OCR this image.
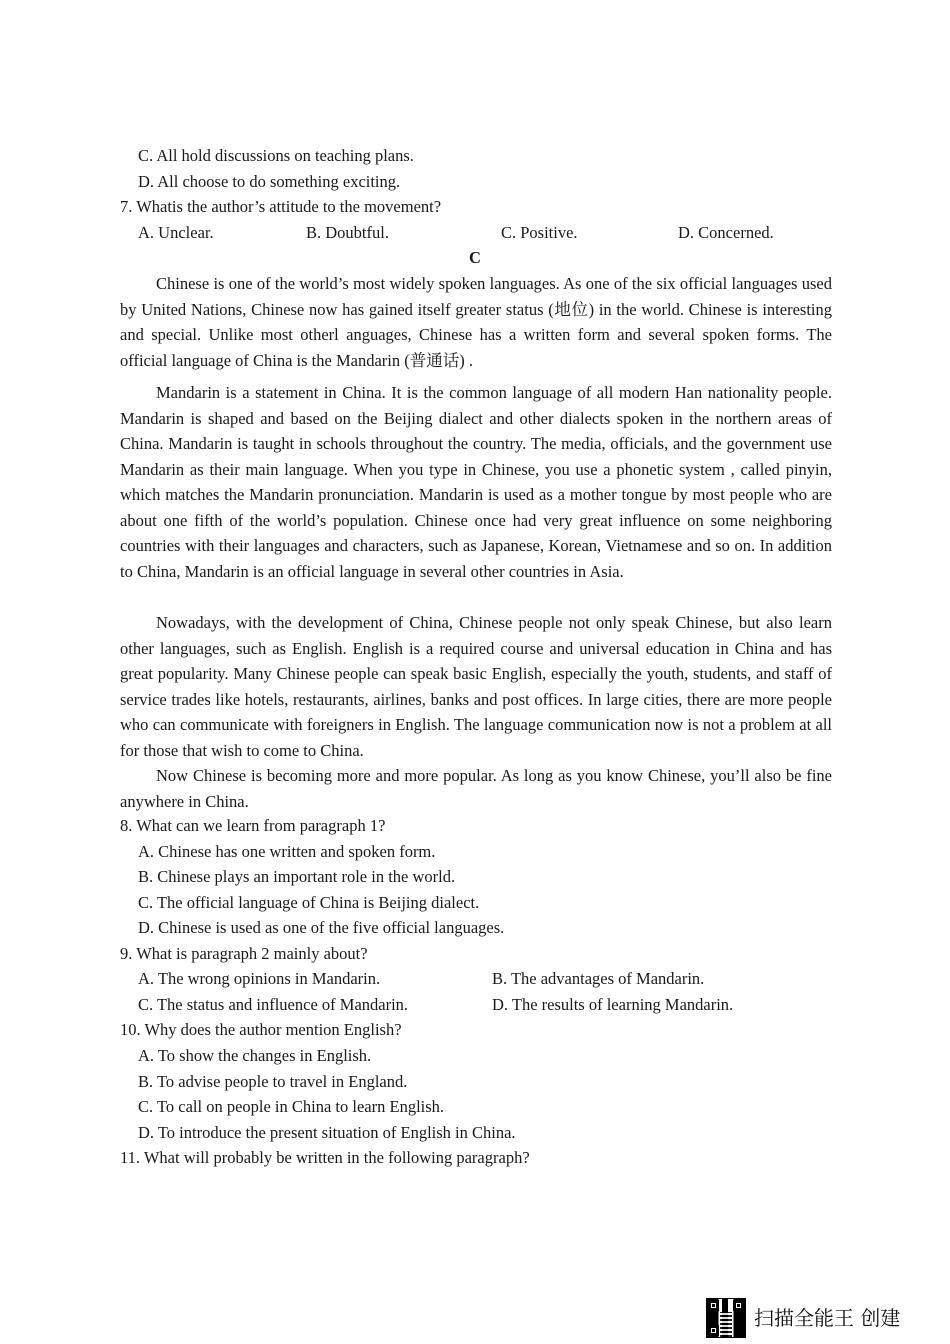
C. All hold discussions on teaching plans.
D. All choose to do something exciting.
7. Whatis the author’s attitude to the movement?
A. Unclear.	B. Doubtful.	C. Positive.	D. Concerned.
C
Chinese is one of the world’s most widely spoken languages. As one of the six official languages used by United Nations, Chinese now has gained itself greater status (地位) in the world. Chinese is interesting and special. Unlike most otherl anguages, Chinese has a written form and several spoken forms. The official language of China is the Mandarin (普通话) .
Mandarin is a statement in China. It is the common language of all modern Han nationality people. Mandarin is shaped and based on the Beijing dialect and other dialects spoken in the northern areas of China. Mandarin is taught in schools throughout the country. The media, officials, and the government use Mandarin as their main language. When you type in Chinese, you use a phonetic system , called pinyin, which matches the Mandarin pronunciation. Mandarin is used as a mother tongue by most people who are about one fifth of the world’s population. Chinese once had very great influence on some neighboring countries with their languages and characters, such as Japanese, Korean, Vietnamese and so on. In addition to China, Mandarin is an official language in several other countries in Asia.
Nowadays, with the development of China, Chinese people not only speak Chinese, but also learn other languages, such as English. English is a required course and universal education in China and has great popularity. Many Chinese people can speak basic English, especially the youth, students, and staff of service trades like hotels, restaurants, airlines, banks and post offices. In large cities, there are more people who can communicate with foreigners in English. The language communication now is not a problem at all for those that wish to come to China.
Now Chinese is becoming more and more popular. As long as you know Chinese, you’ll also be fine anywhere in China.
8. What can we learn from paragraph 1?
A. Chinese has one written and spoken form.
B. Chinese plays an important role in the world.
C. The official language of China is Beijing dialect.
D. Chinese is used as one of the five official languages.
9. What is paragraph 2 mainly about?
A. The wrong opinions in Mandarin.	B. The advantages of Mandarin.
C. The status and influence of Mandarin.	D. The results of learning Mandarin.
10. Why does the author mention English?
A. To show the changes in English.
B. To advise people to travel in England.
C. To call on people in China to learn English.
D. To introduce the present situation of English in China.
11. What will probably be written in the following paragraph?
扫描全能王 创建
